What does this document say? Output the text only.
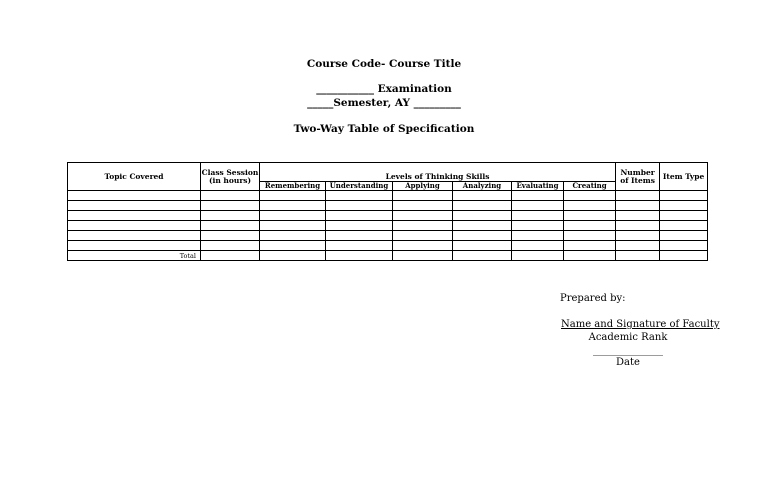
Course Code- Course Title
___________ Examination
_____Semester, AY _________
Two-Way Table of Specification
Topic Covered	Class Session (in hours)	Levels of Thinking Skills						Number of Items	Item Type
		Remembering	Understanding	Applying	Analyzing	Evaluating	Creating		

Total									
Prepared by:
Name and Signature of Faculty
Academic Rank
______________
Date
